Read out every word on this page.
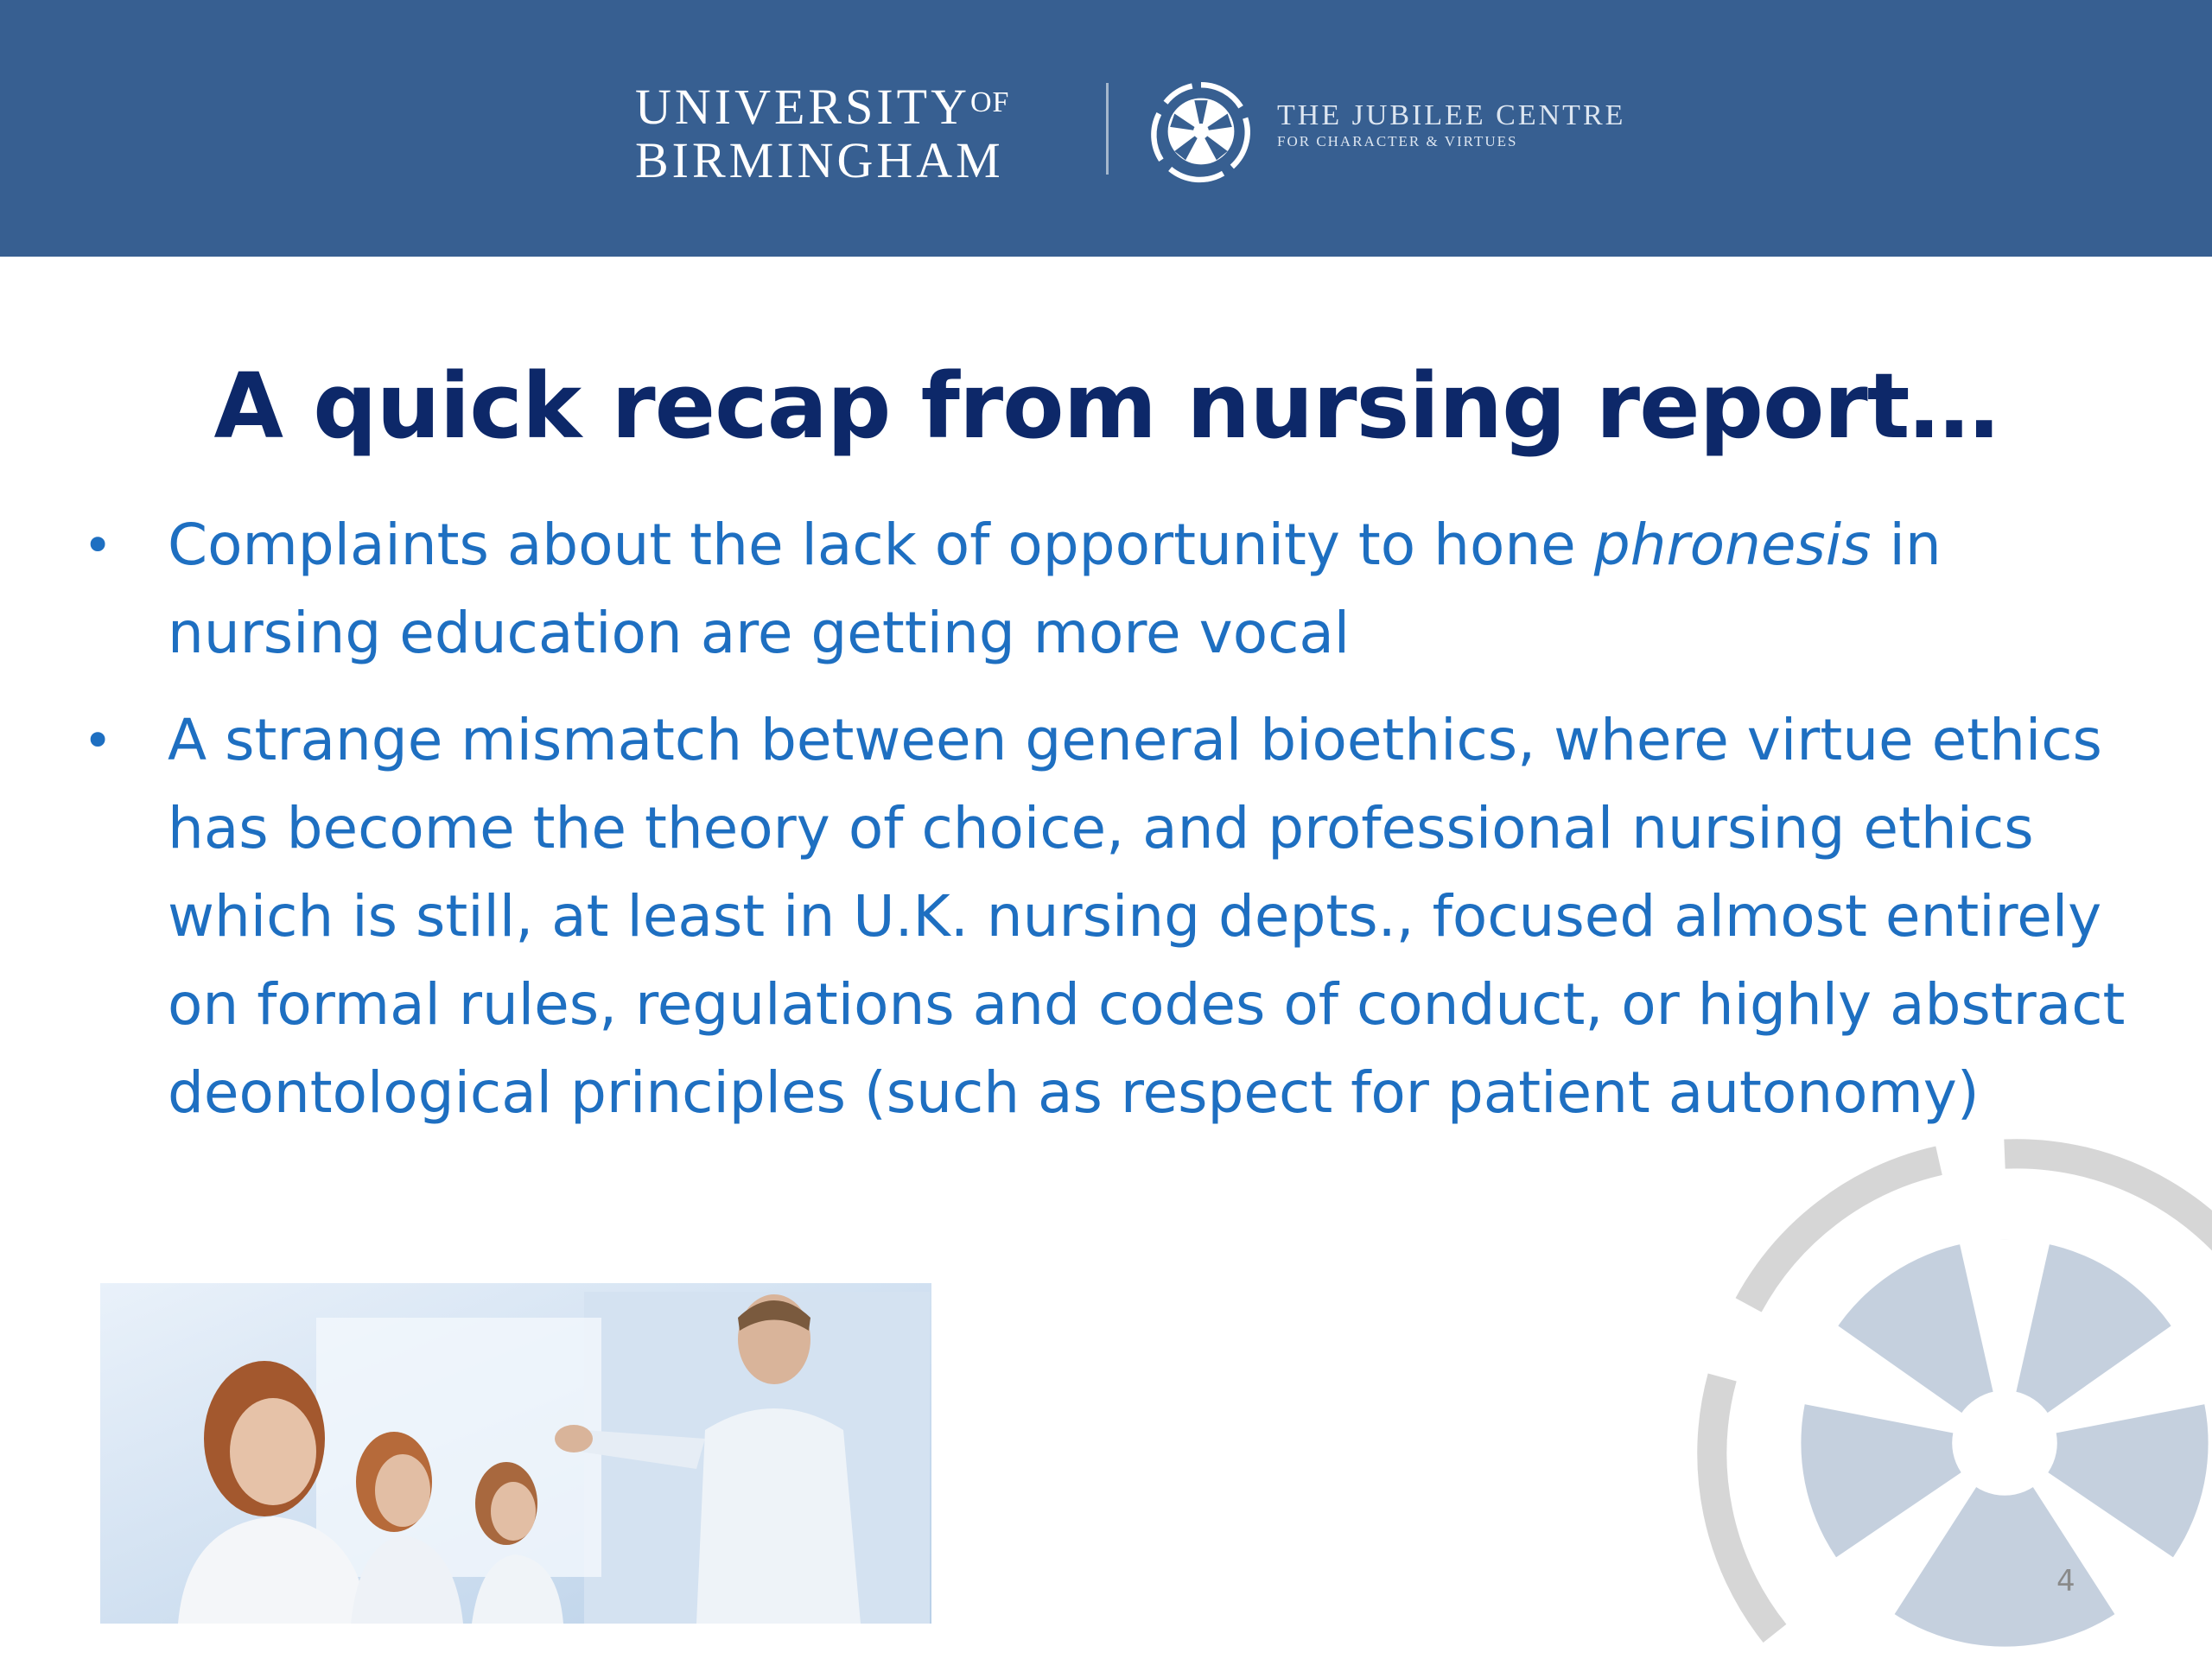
$UNIVERSITY^{OF}$
BIRMINGHAM
THE JUBILEE CENTRE
FOR CHARACTER & VIRTUES
A quick recap from nursing report…
• Complaints about the lack of opportunity to hone phronesis in nursing education are getting more vocal
• A strange mismatch between general bioethics, where virtue ethics has become the theory of choice, and professional nursing ethics which is still, at least in U.K. nursing depts., focused almost entirely on formal rules, regulations and codes of conduct, or highly abstract deontological principles (such as respect for patient autonomy)
4
